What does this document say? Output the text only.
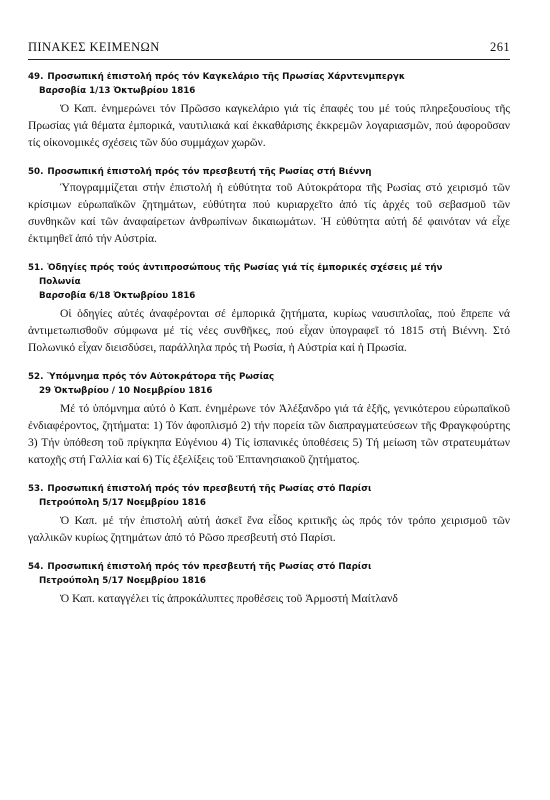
ΠΙΝΑΚΕΣ ΚΕΙΜΕΝΩΝ	261

49. Προσωπική ἐπιστολή πρός τόν Καγκελάριο τῆς Πρωσίας Χάρντενμπεργκ

Βαρσοβία 1/13 Ὀκτωβρίου 1816

Ὁ Καπ. ἐνημερώνει τόν Πρῶσσο καγκελάριο γιά τίς ἐπαφές του μέ τούς πληρεξουσίους τῆς Πρωσίας γιά θέματα ἐμπορικά, ναυτιλιακά καί ἐκκαθάρισης ἐκκρεμῶν λογαριασμῶν, πού ἀφοροῦσαν τίς οἰκονομικές σχέσεις τῶν δύο συμμάχων χωρῶν.

50. Προσωπική ἐπιστολή πρός τόν πρεσβευτή τῆς Ρωσίας στή Βιέννη

Ὑπογραμμίζεται στήν ἐπιστολή ἡ εὐθύτητα τοῦ Αὐτοκράτορα τῆς Ρωσίας στό χειρισμό τῶν κρίσιμων εὐρωπαϊκῶν ζητημάτων, εὐθύτητα πού κυριαρχεῖτο ἀπό τίς ἀρχές τοῦ σεβασμοῦ τῶν συνθηκῶν καί τῶν ἀναφαίρετων ἀνθρωπίνων δικαιωμάτων. Ἡ εὐθύτητα αὐτή δέ φαινόταν νά εἶχε ἐκτιμηθεῖ ἀπό τήν Αὐστρία.

51. Ὁδηγίες πρός τούς ἀντιπροσώπους τῆς Ρωσίας γιά τίς ἐμπορικές σχέσεις μέ τήν
Πολωνία

Βαρσοβία 6/18 Ὀκτωβρίου 1816

Οἱ ὁδηγίες αὐτές ἀναφέρονται σέ ἐμπορικά ζητήματα, κυρίως ναυσιπλοΐας, πού ἔπρεπε νά ἀντιμετωπισθοῦν σύμφωνα μέ τίς νέες συνθῆκες, πού εἶχαν ὑπογραφεῖ τό 1815 στή Βιέννη. Στό Πολωνικό εἶχαν διεισδύσει, παράλληλα πρός τή Ρωσία, ἡ Αὐστρία καί ἡ Πρωσία.

52. Ὑπόμνημα πρός τόν Αὐτοκράτορα τῆς Ρωσίας

29 Ὀκτωβρίου / 10 Νοεμβρίου 1816

Μέ τό ὑπόμνημα αὐτό ὁ Καπ. ἐνημέρωνε τόν Ἀλέξανδρο γιά τά ἑξῆς, γενικότερου εὐρωπαϊκοῦ ἐνδιαφέροντος, ζητήματα: 1) Τόν ἀφοπλισμό 2) τήν πορεία τῶν διαπραγματεύσεων τῆς Φραγκφούρτης 3) Τήν ὑπόθεση τοῦ πρίγκηπα Εὐγένιου 4) Τίς ἱσπανικές ὑποθέσεις 5) Τή μείωση τῶν στρατευμάτων κατοχῆς στή Γαλλία καί 6) Τίς ἐξελίξεις τοῦ Ἑπτανησιακοῦ ζητήματος.

53. Προσωπική ἐπιστολή πρός τόν πρεσβευτή τῆς Ρωσίας στό Παρίσι

Πετρούπολη 5/17 Νοεμβρίου 1816

Ὁ Καπ. μέ τήν ἐπιστολή αὐτή ἀσκεῖ ἕνα εἶδος κριτικῆς ὡς πρός τόν τρόπο χειρισμοῦ τῶν γαλλικῶν κυρίως ζητημάτων ἀπό τό Ρῶσο πρεσβευτή στό Παρίσι.

54. Προσωπική ἐπιστολή πρός τόν πρεσβευτή τῆς Ρωσίας στό Παρίσι

Πετρούπολη 5/17 Νοεμβρίου 1816

Ὁ Καπ. καταγγέλει τίς ἀπροκάλυπτες προθέσεις τοῦ Ἁρμοστή Μαίτλανδ
